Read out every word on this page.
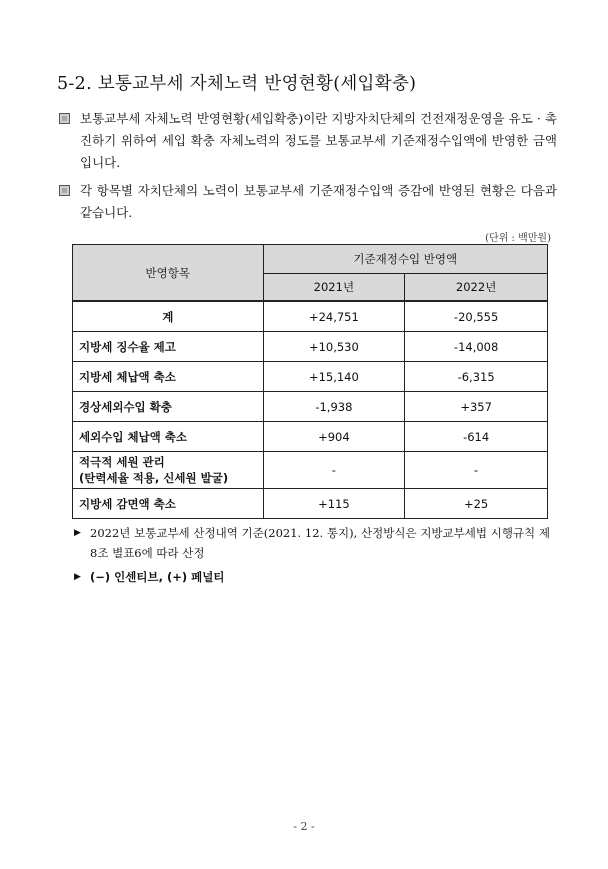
5-2. 보통교부세 자체노력 반영현황(세입확충)
보통교부세 자체노력 반영현황(세입확충)이란 지방자치단체의 건전재정운영을 유도 · 촉진하기 위하여 세입 확충 자체노력의 정도를 보통교부세 기준재정수입액에 반영한 금액입니다.
각 항목별 자치단체의 노력이 보통교부세 기준재정수입액 증감에 반영된 현황은 다음과 같습니다.
(단위 : 백만원)
반영항목	기준재정수입 반영액	
	2021년	2022년
계	+24,751	-20,555
지방세 징수율 제고	+10,530	-14,008
지방세 체납액 축소	+15,140	-6,315
경상세외수입 확충	-1,938	+357
세외수입 체납액 축소	+904	-614

적극적 세원 관리
(탄력세율 적용, 신세원 발굴)	-	-
지방세 감면액 축소	+115	+25
▶ 2022년 보통교부세 산정내역 기준(2021. 12. 통지), 산정방식은 지방교부세법 시행규칙 제8조 별표6에 따라 산정
▶ (−) 인센티브, (+) 페널티
- 2 -
